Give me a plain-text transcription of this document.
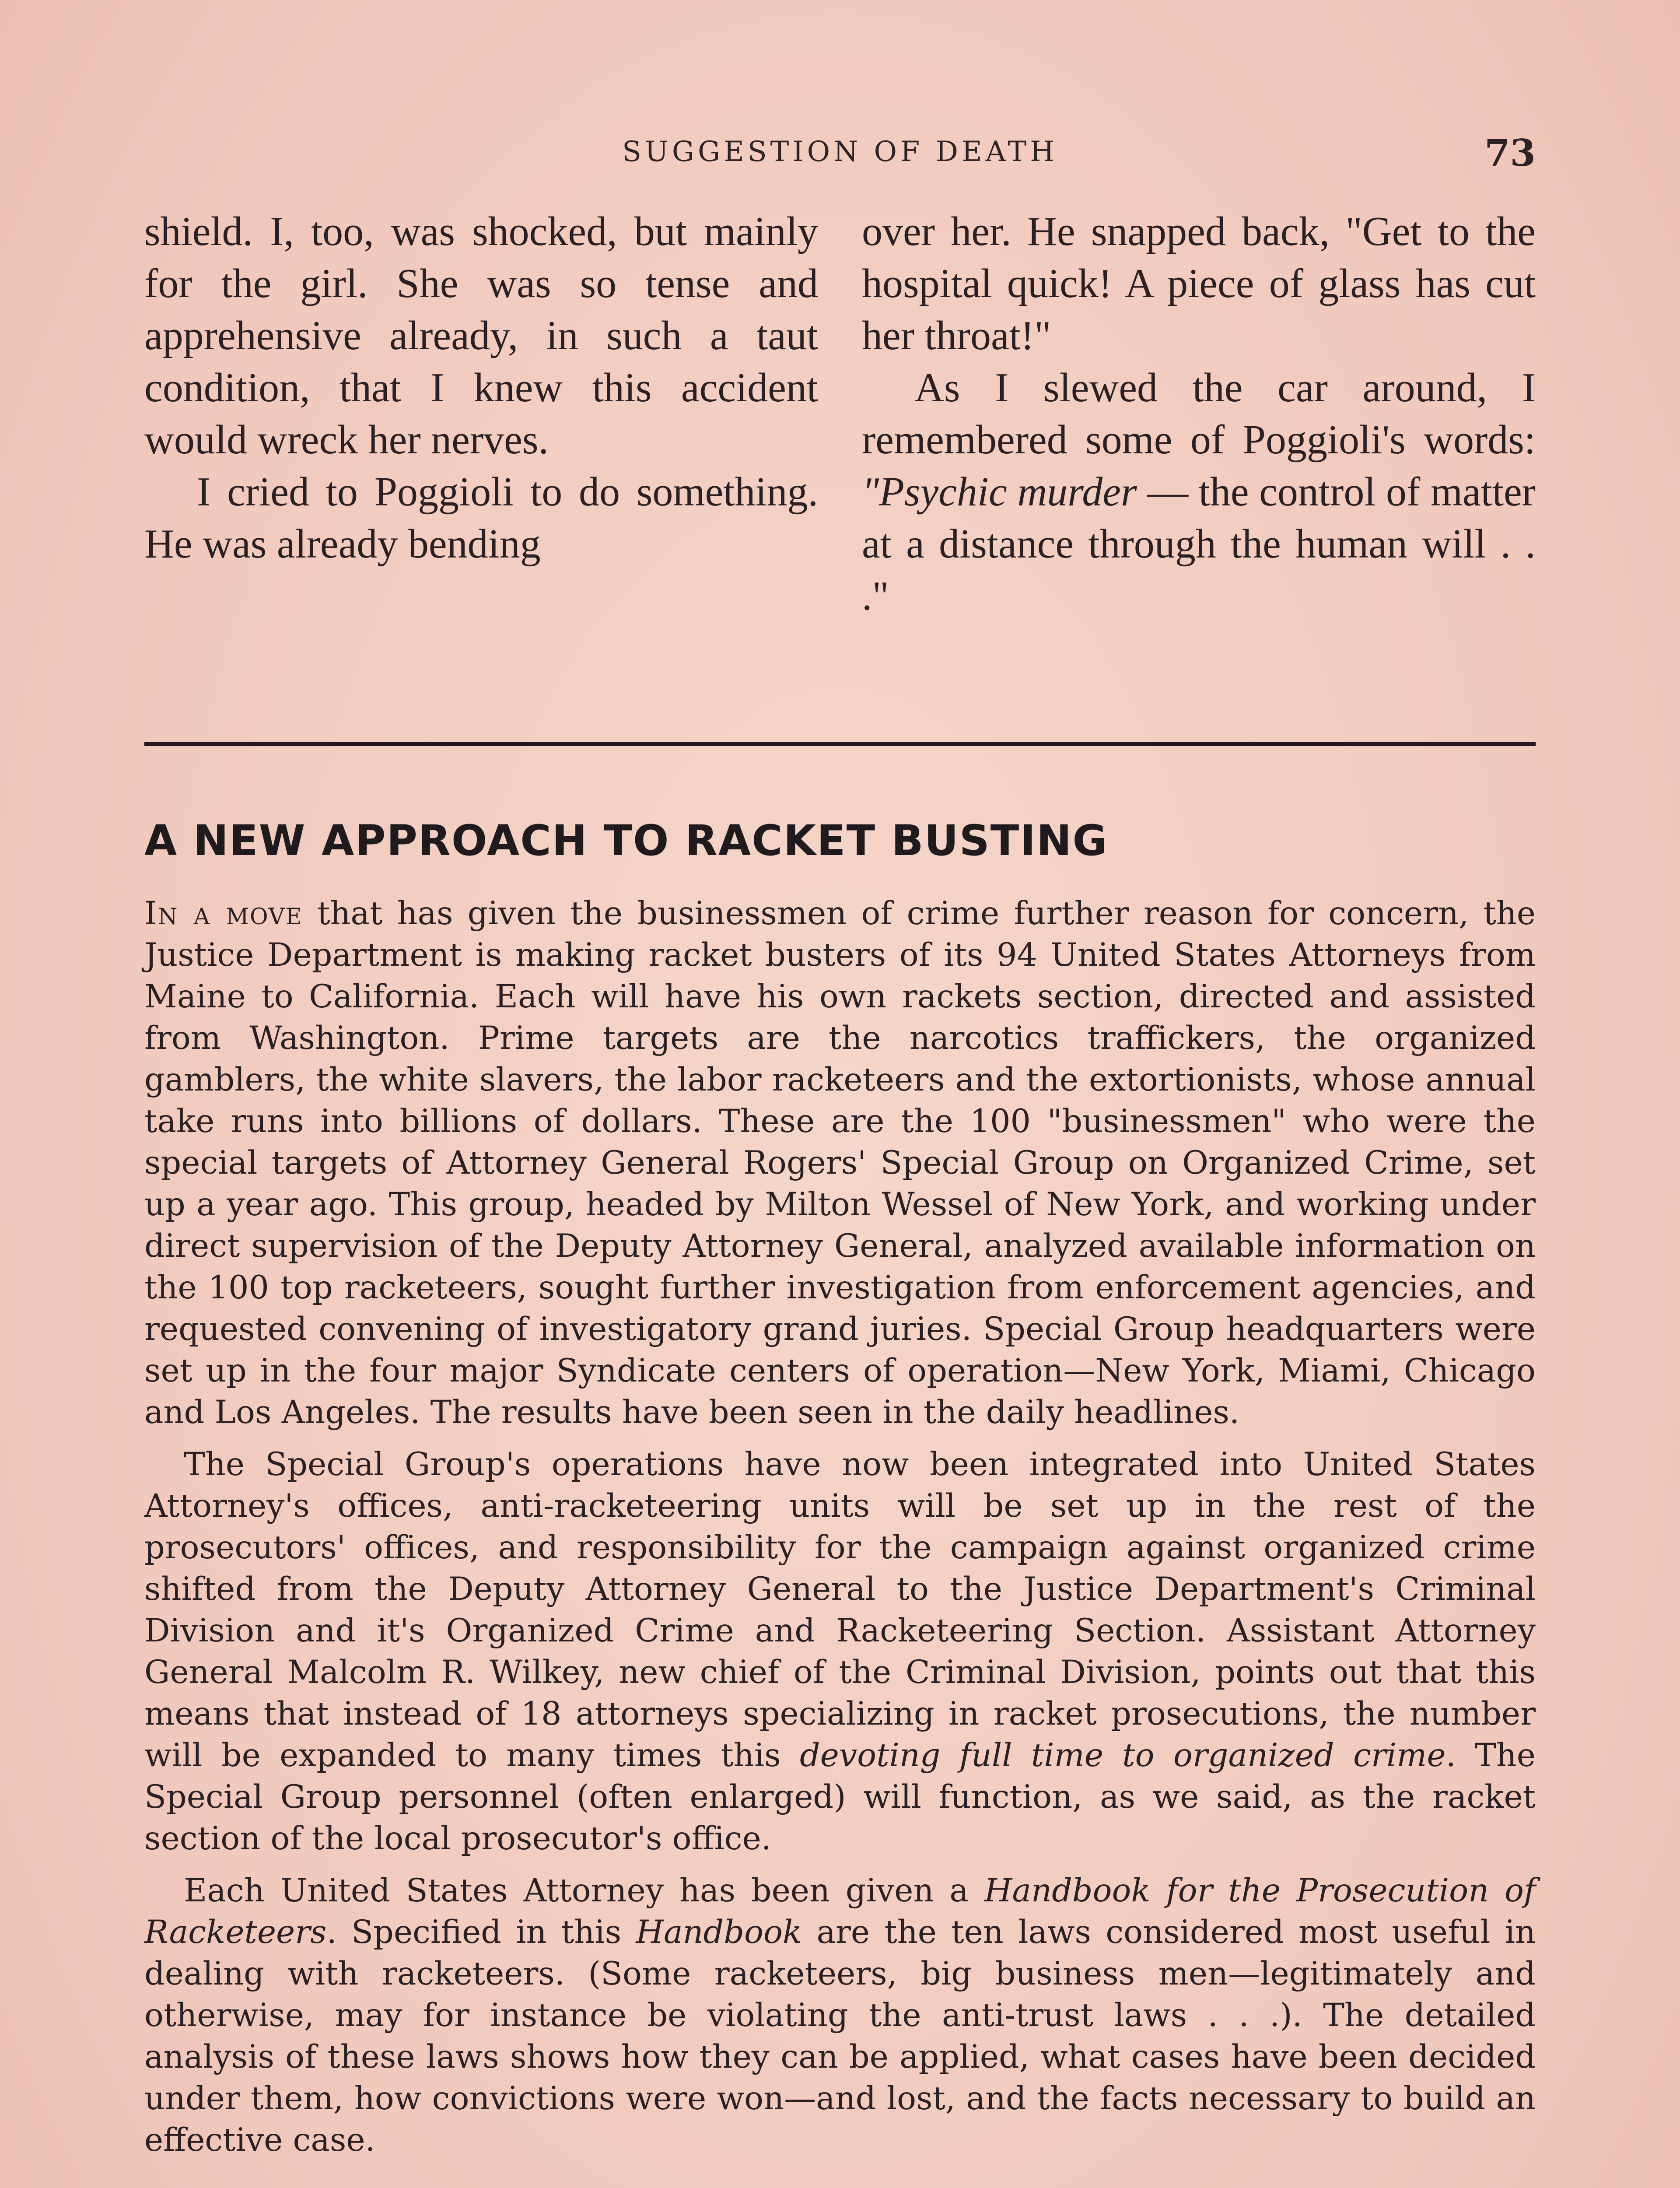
SUGGESTION OF DEATH	73

shield. I, too, was shocked, but mainly for the girl. She was so tense and apprehensive already, in such a taut condition, that I knew this accident would wreck her nerves.

I cried to Poggioli to do something. He was already bending

over her. He snapped back, "Get to the hospital quick! A piece of glass has cut her throat!"

As I slewed the car around, I remembered some of Poggioli's words: "Psychic murder — the control of matter at a distance through the human will . . ."

A NEW APPROACH TO RACKET BUSTING

In a move that has given the businessmen of crime further reason for concern, the Justice Department is making racket busters of its 94 United States Attorneys from Maine to California. Each will have his own rackets section, directed and assisted from Washington. Prime targets are the narcotics traffickers, the organized gamblers, the white slavers, the labor racketeers and the extortionists, whose annual take runs into billions of dollars. These are the 100 "businessmen" who were the special targets of Attorney General Rogers' Special Group on Organized Crime, set up a year ago. This group, headed by Milton Wessel of New York, and working under direct supervision of the Deputy Attorney General, analyzed available information on the 100 top racketeers, sought further investigation from enforcement agencies, and requested convening of investigatory grand juries. Special Group headquarters were set up in the four major Syndicate centers of operation—New York, Miami, Chicago and Los Angeles. The results have been seen in the daily headlines.

The Special Group's operations have now been integrated into United States Attorney's offices, anti-racketeering units will be set up in the rest of the prosecutors' offices, and responsibility for the campaign against organized crime shifted from the Deputy Attorney General to the Justice Department's Criminal Division and it's Organized Crime and Racketeering Section. Assistant Attorney General Malcolm R. Wilkey, new chief of the Criminal Division, points out that this means that instead of 18 attorneys specializing in racket prosecutions, the number will be expanded to many times this devoting full time to organized crime. The Special Group personnel (often enlarged) will function, as we said, as the racket section of the local prosecutor's office.

Each United States Attorney has been given a Handbook for the Prosecution of Racketeers. Specified in this Handbook are the ten laws considered most useful in dealing with racketeers. (Some racketeers, big business men—legitimately and otherwise, may for instance be violating the anti-trust laws . . .). The detailed analysis of these laws shows how they can be applied, what cases have been decided under them, how convictions were won—and lost, and the facts necessary to build an effective case.
